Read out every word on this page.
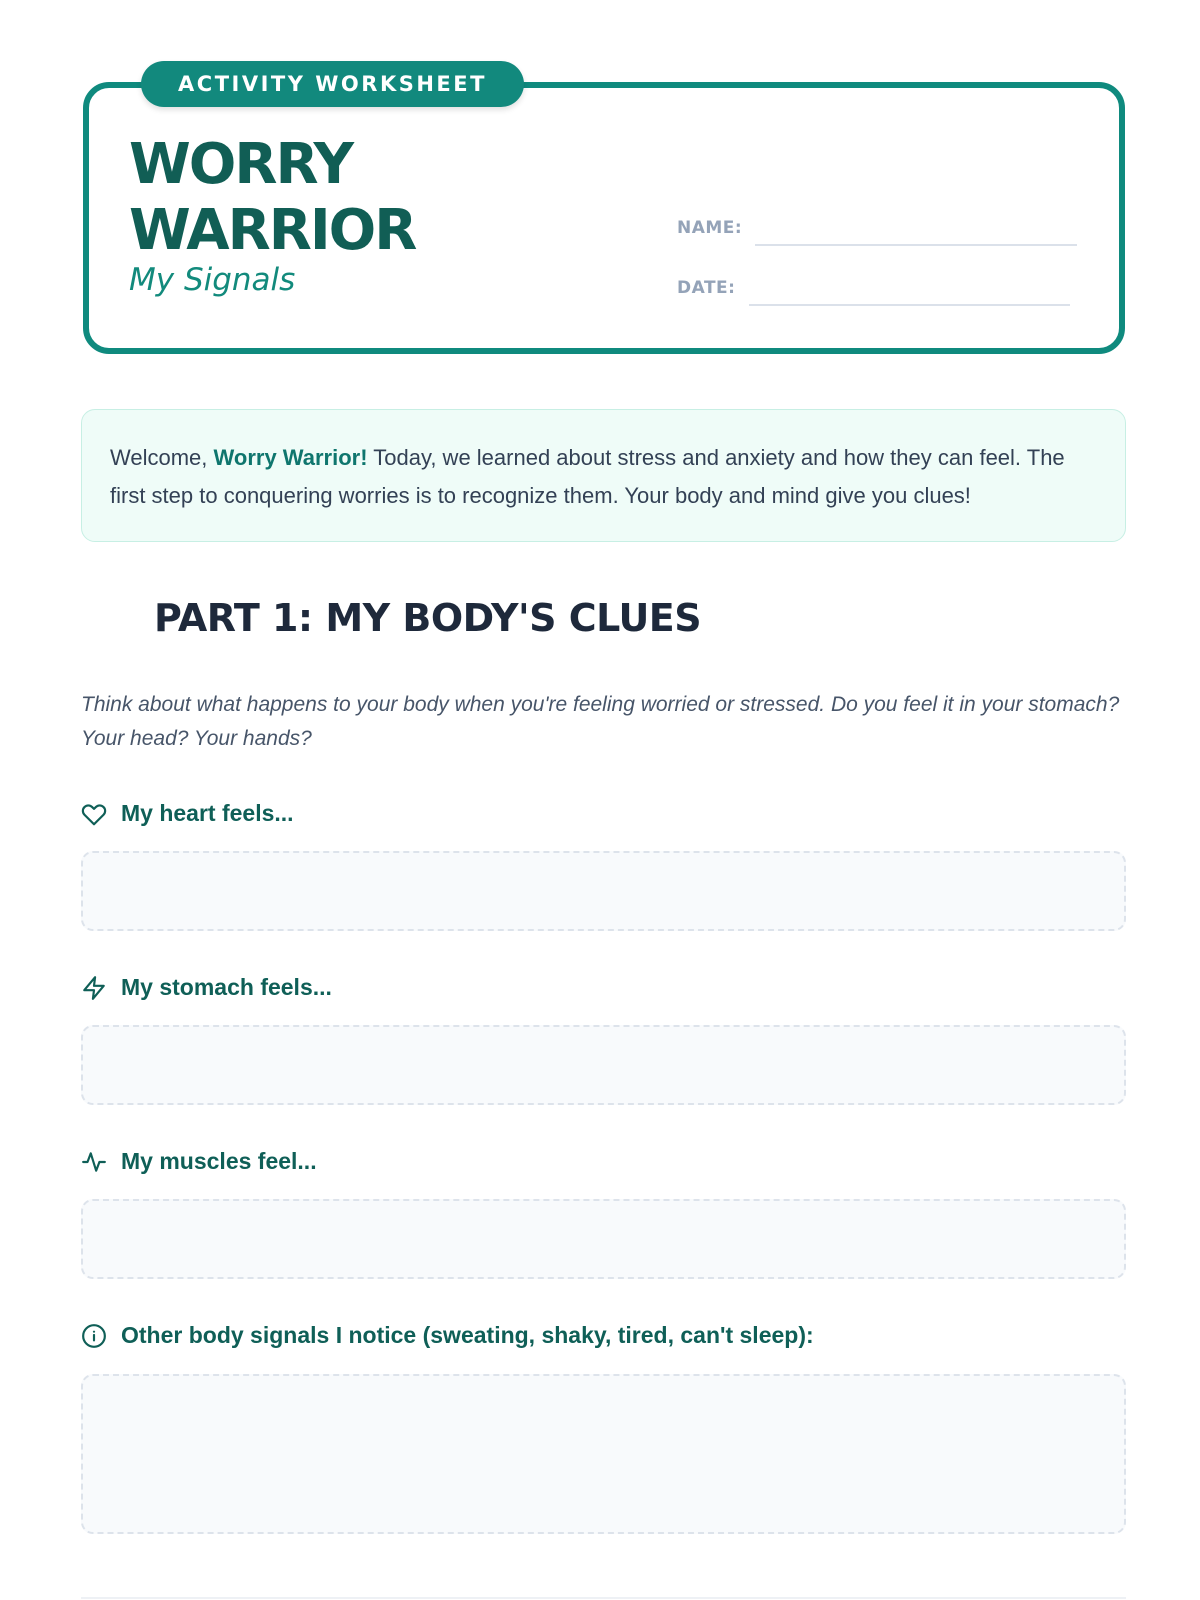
ACTIVITY WORKSHEET
WORRY
WARRIOR
My Signals
NAME:
DATE:
Welcome, Worry Warrior! Today, we learned about stress and anxiety and how they can feel. The first step to conquering worries is to recognize them. Your body and mind give you clues!
PART 1: MY BODY'S CLUES
Think about what happens to your body when you're feeling worried or stressed. Do you feel it in your stomach? Your head? Your hands?
My heart feels...
My stomach feels...
My muscles feel...
Other body signals I notice (sweating, shaky, tired, can't sleep):
